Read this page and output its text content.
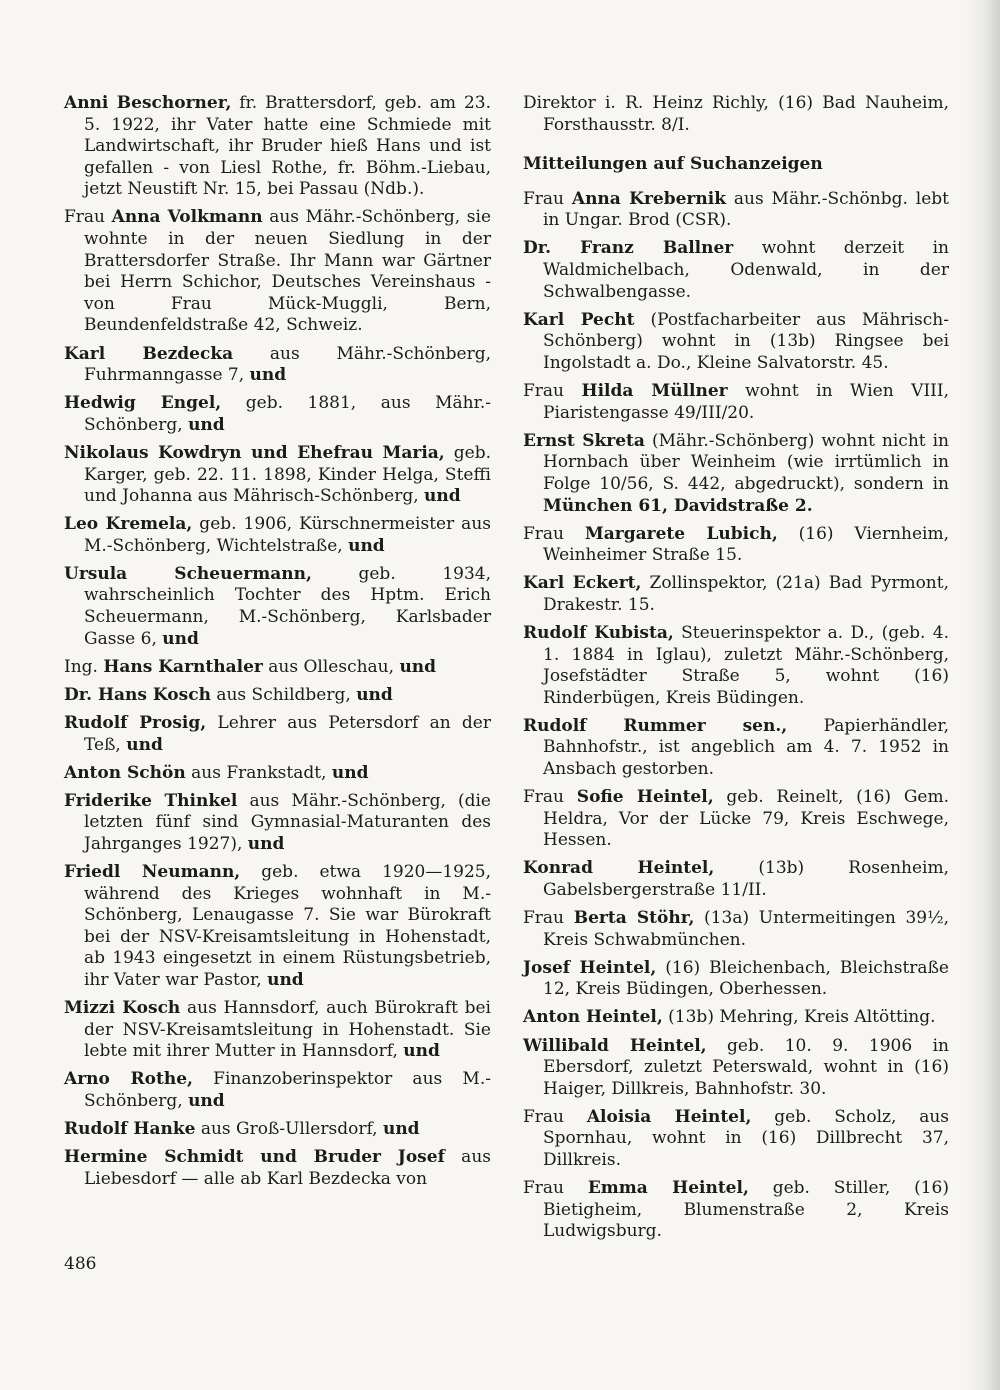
Anni Beschorner, fr. Brattersdorf, geb. am 23. 5. 1922, ihr Vater hatte eine Schmiede mit Landwirtschaft, ihr Bruder hieß Hans und ist gefallen - von Liesl Rothe, fr. Böhm.-Liebau, jetzt Neustift Nr. 15, bei Passau (Ndb.).

Frau Anna Volkmann aus Mähr.-Schönberg, sie wohnte in der neuen Siedlung in der Brattersdorfer Straße. Ihr Mann war Gärtner bei Herrn Schichor, Deutsches Vereinshaus - von Frau Mück-Muggli, Bern, Beundenfeldstraße 42, Schweiz.

Karl Bezdecka aus Mähr.-Schönberg, Fuhrmanngasse 7, und

Hedwig Engel, geb. 1881, aus Mähr.-Schönberg, und

Nikolaus Kowdryn und Ehefrau Maria, geb. Karger, geb. 22. 11. 1898, Kinder Helga, Steffi und Johanna aus Mährisch-Schönberg, und

Leo Kremela, geb. 1906, Kürschnermeister aus M.-Schönberg, Wichtelstraße, und

Ursula Scheuermann, geb. 1934, wahrscheinlich Tochter des Hptm. Erich Scheuermann, M.-Schönberg, Karlsbader Gasse 6, und

Ing. Hans Karnthaler aus Olleschau, und

Dr. Hans Kosch aus Schildberg, und

Rudolf Prosig, Lehrer aus Petersdorf an der Teß, und

Anton Schön aus Frankstadt, und

Friderike Thinkel aus Mähr.-Schönberg, (die letzten fünf sind Gymnasial-Maturanten des Jahrganges 1927), und

Friedl Neumann, geb. etwa 1920—1925, während des Krieges wohnhaft in M.-Schönberg, Lenaugasse 7. Sie war Bürokraft bei der NSV-Kreisamtsleitung in Hohenstadt, ab 1943 eingesetzt in einem Rüstungsbetrieb, ihr Vater war Pastor, und

Mizzi Kosch aus Hannsdorf, auch Bürokraft bei der NSV-Kreisamtsleitung in Hohenstadt. Sie lebte mit ihrer Mutter in Hannsdorf, und

Arno Rothe, Finanzoberinspektor aus M.-Schönberg, und

Rudolf Hanke aus Groß-Ullersdorf, und

Hermine Schmidt und Bruder Josef aus Liebesdorf — alle ab Karl Bezdecka von

Direktor i. R. Heinz Richly, (16) Bad Nauheim, Forsthausstr. 8/I.

Mitteilungen auf Suchanzeigen

Frau Anna Krebernik aus Mähr.-Schönbg. lebt in Ungar. Brod (CSR).

Dr. Franz Ballner wohnt derzeit in Waldmichelbach, Odenwald, in der Schwalbengasse.

Karl Pecht (Postfacharbeiter aus Mährisch-Schönberg) wohnt in (13b) Ringsee bei Ingolstadt a. Do., Kleine Salvatorstr. 45.

Frau Hilda Müllner wohnt in Wien VIII, Piaristengasse 49/III/20.

Ernst Skreta (Mähr.-Schönberg) wohnt nicht in Hornbach über Weinheim (wie irrtümlich in Folge 10/56, S. 442, abgedruckt), sondern in München 61, Davidstraße 2.

Frau Margarete Lubich, (16) Viernheim, Weinheimer Straße 15.

Karl Eckert, Zollinspektor, (21a) Bad Pyrmont, Drakestr. 15.

Rudolf Kubista, Steuerinspektor a. D., (geb. 4. 1. 1884 in Iglau), zuletzt Mähr.-Schönberg, Josefstädter Straße 5, wohnt (16) Rinderbügen, Kreis Büdingen.

Rudolf Rummer sen., Papierhändler, Bahnhofstr., ist angeblich am 4. 7. 1952 in Ansbach gestorben.

Frau Sofie Heintel, geb. Reinelt, (16) Gem. Heldra, Vor der Lücke 79, Kreis Eschwege, Hessen.

Konrad Heintel, (13b) Rosenheim, Gabelsbergerstraße 11/II.

Frau Berta Stöhr, (13a) Untermeitingen 39½, Kreis Schwabmünchen.

Josef Heintel, (16) Bleichenbach, Bleichstraße 12, Kreis Büdingen, Oberhessen.

Anton Heintel, (13b) Mehring, Kreis Altötting.

Willibald Heintel, geb. 10. 9. 1906 in Ebersdorf, zuletzt Peterswald, wohnt in (16) Haiger, Dillkreis, Bahnhofstr. 30.

Frau Aloisia Heintel, geb. Scholz, aus Spornhau, wohnt in (16) Dillbrecht 37, Dillkreis.

Frau Emma Heintel, geb. Stiller, (16) Bietigheim, Blumenstraße 2, Kreis Ludwigsburg.

486
